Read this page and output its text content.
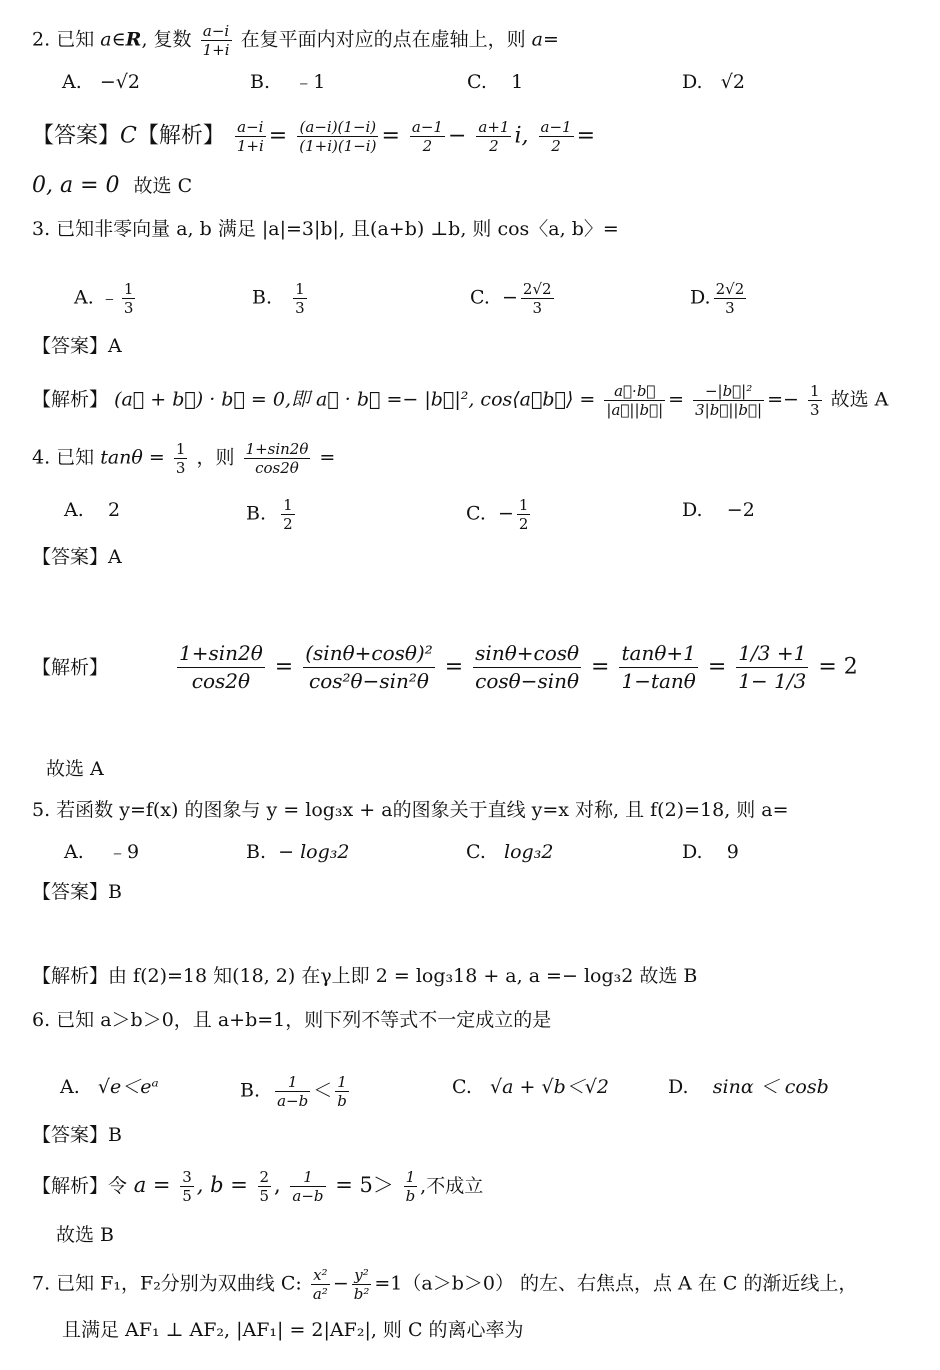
2. 已知 a∈R, 复数 $\frac{a-i}{1+i}$ 在复平面内对应的点在虚轴上，则 a=
A. −√2	B. ﹣1	C. 1	D. √2
【答案】C【解析】 $\frac{a-i}{1+i} = \frac{(a-i)(1-i)}{(1+i)(1-i)} = \frac{a-1}{2} - \frac{a+1}{2} i$, $\frac{a-1}{2}$ =
0, a = 0 故选 C
3. 已知非零向量 a, b 满足 |a|=3|b|, 且(a+b) ⊥b, 则 cos〈a, b〉=
A. ﹣ $\frac{1}{3}$	B. $\frac{1}{3}$	C. − $\frac{2√2}{3}$	D. $\frac{2√2}{3}$
【答案】A
【解析】 (a⃗ + b⃗) · b⃗ = 0,即 a⃗ · b⃗ =− |b⃗|², cos⟨a⃗b⃗⟩ = $\frac{a⃗\cdot b⃗}{|a⃗||b⃗|} = \frac{\text{−|b⃗|²}}{3|b⃗||b⃗|} =- \frac{1}{3}$ 故选 A
4. 已知 $\tan\theta = \frac{1}{3}$ ，则 $\frac{1+\sin 2\theta}{\cos 2\theta}$ =
A. 2	B. $\frac{1}{2}$	C. − $\frac{1}{2}$	D. −2
【答案】A
【解析】	$\frac{1+\sin 2\theta}{\cos 2\theta} = \frac{\text{(sinθ+cosθ)²}}{\text{cos²θ−sin²θ}} = \frac{\sin\theta+\cos\theta}{\cos\theta-\sin\theta} = \frac{\tan\theta+1}{1-\tan\theta} = \frac{1/3 +1}{1- 1/3} = 2$
故选 A
5. 若函数 y=f(x) 的图象与 y = log₃x + a的图象关于直线 y=x 对称, 且 f(2)=18, 则 a=
A. ﹣9	B. − log₃2	C. log₃2	D. 9
【答案】B
【解析】由 f(2)=18 知(18, 2) 在γ上即 2 = log₃18 + a, a =− log₃2 故选 B
6. 已知 a＞b＞0，且 a+b=1，则下列不等式不一定成立的是
A. √e＜eᵃ	B. $\frac{1}{a-b} < \frac{1}{b}$	C. √a + √b＜√2	D. sinα ＜ cosb
【答案】B
【解析】令 $a = \frac{3}{5}$ , $b = \frac{2}{5}$ , $\frac{1}{a-b} = 5> \frac{1}{b}$ ,不成立
故选 B
7. 已知 F₁，F₂分别为双曲线 C: $\frac{\text{x²}}{\text{a²}} - \frac{\text{y²}}{\text{b²}} =1(a>b>0)$ 的左、右焦点，点 A 在 C 的渐近线上，
且满足 AF₁ ⊥ AF₂, |AF₁| = 2|AF₂|, 则 C 的离心率为
